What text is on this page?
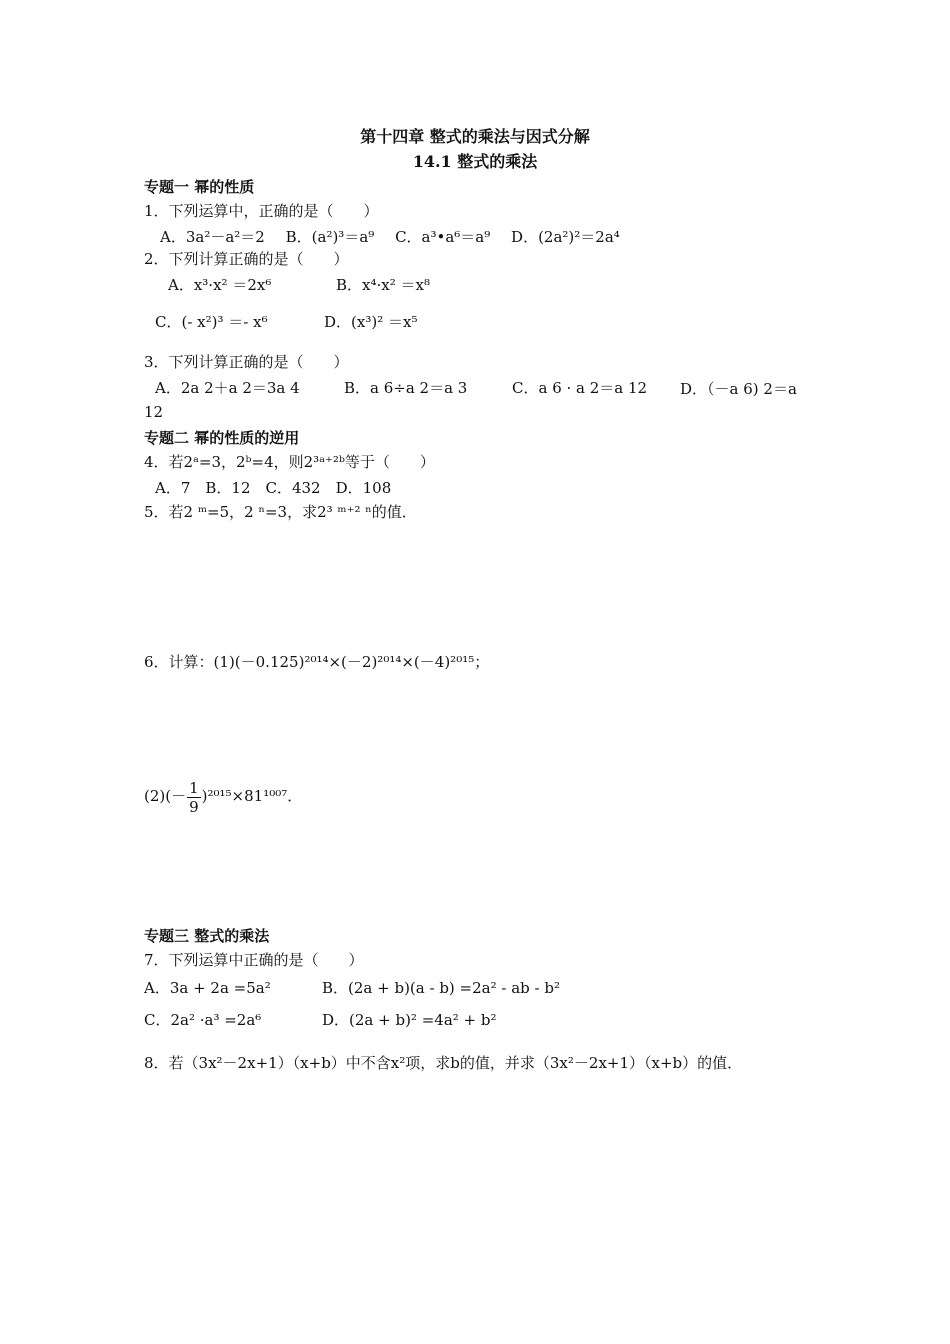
第十四章 整式的乘法与因式分解
14.1 整式的乘法
专题一 幂的性质
1．下列运算中，正确的是（　　）
A．3a²－a²＝2 B．(a²)³＝a⁹ C．a³•a⁶＝a⁹ D．(2a²)²＝2a⁴
2．下列计算正确的是（　　）
A．x³·x² ＝2x⁶	B．x⁴·x² ＝x⁸
C．(- x²)³ ＝- x⁶	D．(x³)² ＝x⁵
3．下列计算正确的是（　　）
A．2a 2＋a 2＝3a 4	B．a 6÷a 2＝a 3	C．a 6 · a 2＝a 12	D．（－a 6) 2＝a 12
专题二 幂的性质的逆用
4．若2ᵃ=3，2ᵇ=4，则2³ᵃ⁺²ᵇ等于（　　）
A．7　B．12　C．432　D．108
5．若2 ᵐ=5，2 ⁿ=3，求2³ ᵐ⁺² ⁿ的值．
6．计算：(1)(－0.125)²⁰¹⁴×(－2)²⁰¹⁴×(－4)²⁰¹⁵；
$(2)(- \frac{1}{9} )^{2015}\times 81^{1007}$．
专题三 整式的乘法
7．下列运算中正确的是（　　）
A．3a + 2a =5a²	B．(2a + b)(a - b) =2a² - ab - b²
C．2a² ·a³ =2a⁶	D．(2a + b)² =4a² + b²
8．若（3x²－2x+1）（x+b）中不含x²项，求b的值，并求（3x²－2x+1）（x+b）的值．
